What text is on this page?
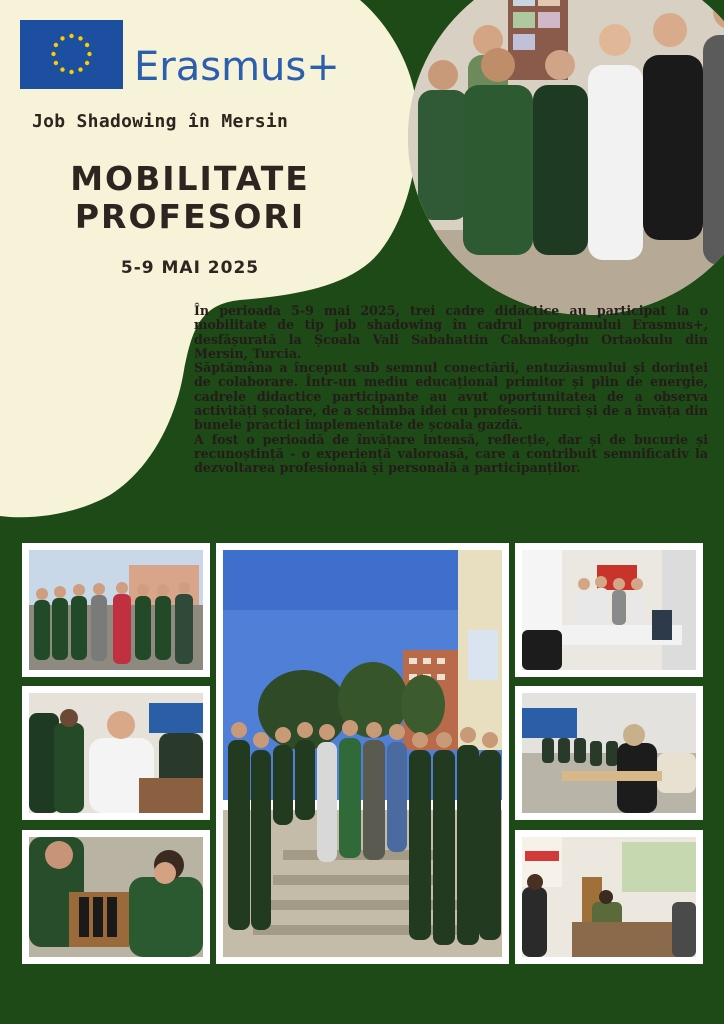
Erasmus+
Job Shadowing în Mersin
MOBILITATE
PROFESORI
5-9 MAI 2025

În perioada 5-9 mai 2025, trei cadre didactice au participat la o mobilitate de tip job shadowing în cadrul programului Erasmus+, desfășurată la Școala Vali Sabahattin Cakmakoglu Ortaokulu din Mersin, Turcia.

Săptămâna a început sub semnul conectării, entuziasmului și dorinței de colaborare. Într-un mediu educațional primitor și plin de energie, cadrele didactice participante au avut oportunitatea de a observa activități școlare, de a schimba idei cu profesorii turci și de a învăța din bunele practici implementate de școala gazdă.

A fost o perioadă de învățare intensă, reflecție, dar și de bucurie și recunoștință - o experiență valoroasă, care a contribuit semnificativ la dezvoltarea profesională și personală a participanților.
